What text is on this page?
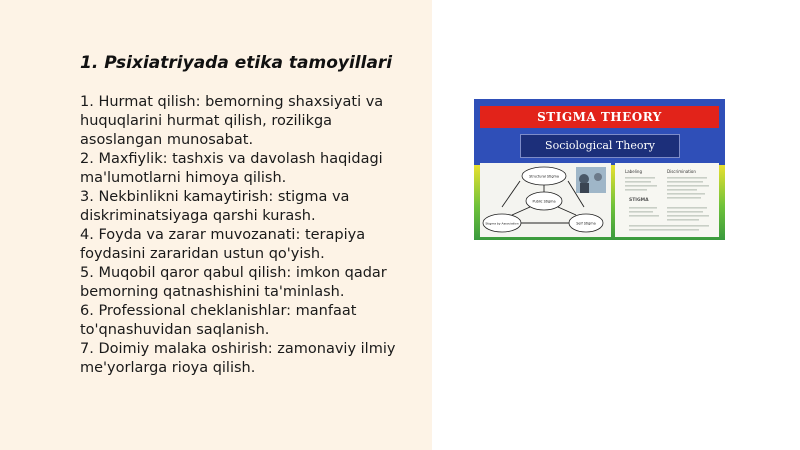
1. Psixiatriyada etika tamoyillari
1. Hurmat qilish: bemorning shaxsiyati va
huquqlarini hurmat qilish, rozilikga
asoslangan munosabat.
2. Maxfiylik: tashxis va davolash haqidagi
ma'lumotlarni himoya qilish.
3. Nekbinlikni kamaytirish: stigma va
diskriminatsiyaga qarshi kurash.
4. Foyda va zarar muvozanati: terapiya
foydasini zararidan ustun qo'yish.
5. Muqobil qaror qabul qilish: imkon qadar
bemorning qatnashishini ta'minlash.
6. Professional cheklanishlar: manfaat
to'qnashuvidan saqlanish.
7. Doimiy malaka oshirish: zamonaviy ilmiy
me'yorlarga rioya qilish.
STIGMA THEORY
Sociological Theory
Structural Stigma
Public Stigma
Stigma by Association	Self Stigma
Labeling	Discrimination
STIGMA
